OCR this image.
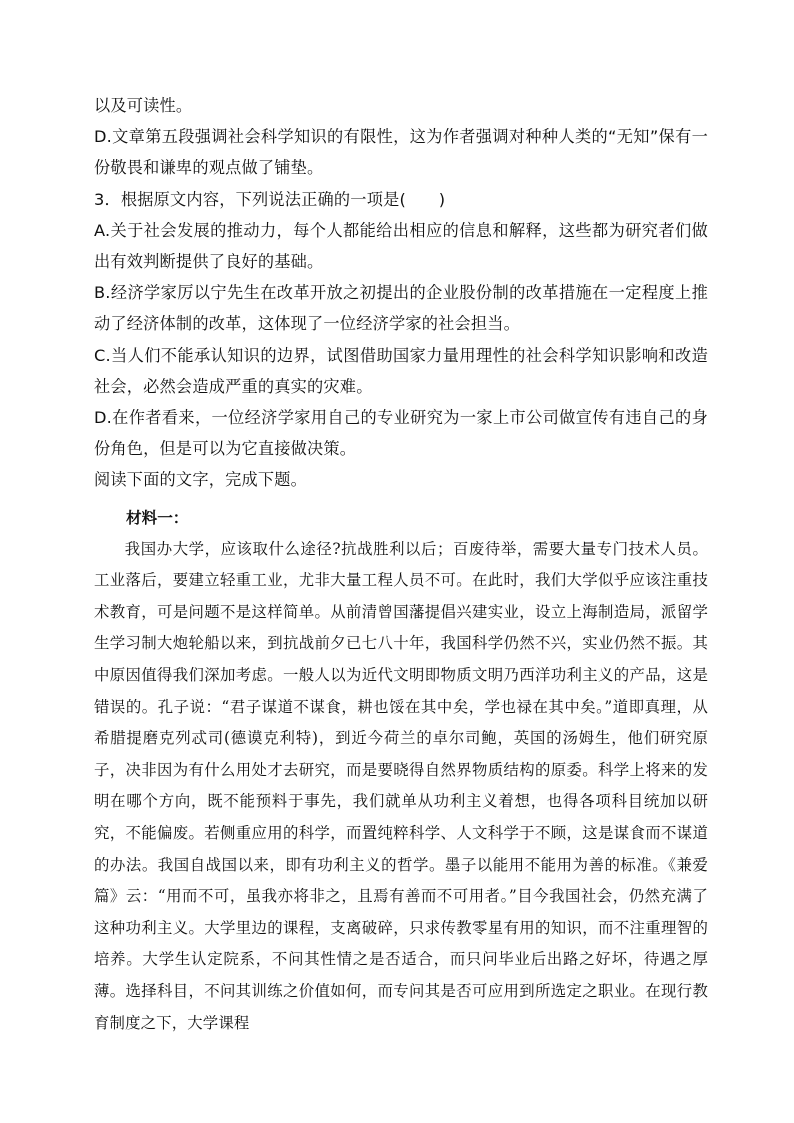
以及可读性。

D.文章第五段强调社会科学知识的有限性，这为作者强调对种种人类的“无知”保有一份敬畏和谦卑的观点做了铺垫。

3．根据原文内容，下列说法正确的一项是(　　)

A.关于社会发展的推动力，每个人都能给出相应的信息和解释，这些都为研究者们做出有效判断提供了良好的基础。

B.经济学家厉以宁先生在改革开放之初提出的企业股份制的改革措施在一定程度上推动了经济体制的改革，这体现了一位经济学家的社会担当。

C.当人们不能承认知识的边界，试图借助国家力量用理性的社会科学知识影响和改造社会，必然会造成严重的真实的灾难。

D.在作者看来，一位经济学家用自己的专业研究为一家上市公司做宣传有违自己的身份角色，但是可以为它直接做决策。

阅读下面的文字，完成下题。

材料一：

我国办大学，应该取什么途径?抗战胜利以后；百废待举，需要大量专门技术人员。工业落后，要建立轻重工业，尤非大量工程人员不可。在此时，我们大学似乎应该注重技术教育，可是问题不是这样简单。从前清曾国藩提倡兴建实业，设立上海制造局，派留学生学习制大炮轮船以来，到抗战前夕已七八十年，我国科学仍然不兴，实业仍然不振。其中原因值得我们深加考虑。一般人以为近代文明即物质文明乃西洋功利主义的产品，这是错误的。孔子说：“君子谋道不谋食，耕也馁在其中矣，学也禄在其中矣。”道即真理，从希腊提磨克列忒司(德谟克利特)，到近今荷兰的卓尔司鲍，英国的汤姆生，他们研究原子，决非因为有什么用处才去研究，而是要晓得自然界物质结构的原委。科学上将来的发明在哪个方向，既不能预料于事先，我们就单从功利主义着想，也得各项科目统加以研究，不能偏废。若侧重应用的科学，而置纯粹科学、人文科学于不顾，这是谋食而不谋道的办法。我国自战国以来，即有功利主义的哲学。墨子以能用不能用为善的标准。《兼爱篇》云：“用而不可，虽我亦将非之，且焉有善而不可用者。”目今我国社会，仍然充满了这种功利主义。大学里边的课程，支离破碎，只求传教零星有用的知识，而不注重理智的培养。大学生认定院系，不问其性情之是否适合，而只问毕业后出路之好坏，待遇之厚薄。选择科目，不问其训练之价值如何，而专问其是否可应用到所选定之职业。在现行教育制度之下，大学课程
